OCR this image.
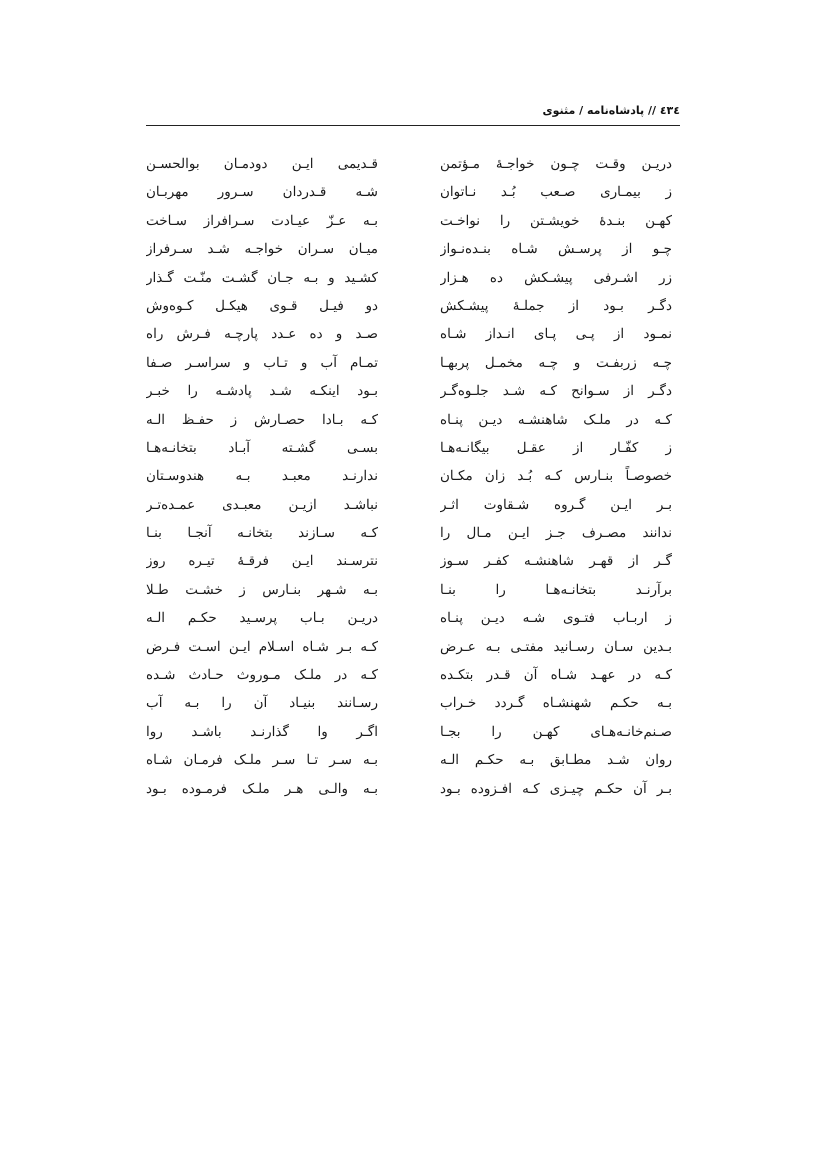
٤٣٤ // پادشاه‌نامه / مثنوی
دریـن وقـت چـون خواجـهٔ مـؤتمن
ز بیمـاری صـعب بُـد نـاتوان
کهـن بنـدهٔ خویشـتن را نواخـت
چـو از پرسـش شـاه بنـده‌نـواز
زر اشـرفی پیشـکش ده هـزار
دگـر بـود از جملـهٔ پیشـکش
نمـود از پـی پـای انـداز شـاه
چـه زربفـت و چـه مخمـل پربهـا
دگـر از سـوانح کـه شـد جلـوه‌گـر
کـه در ملـک شاهنشـه دیـن پنـاه
ز کفّـار از عقـل بیگانـه‌هـا
خصوصـاً بنـارس کـه بُـد زان مکـان
بـر ایـن گـروه شـقاوت اثـر
ندانند مصـرف جـز ایـن مـال را
گـر از قهـر شاهنشـه کفـر سـوز
برآرنـد بتخانـه‌هـا را بنـا
ز اربـاب فتـوی شـه دیـن پنـاه
بـدین سـان رسـانید مفتـی بـه عـرض
کـه در عهـد شـاه آن قـدر بتکـده
بـه حکـم شهنشـاه گـردد خـراب
صـنم‌خانـه‌هـای کهـن را بجـا
روان شـد مطـابق بـه حکـم الـه
بـر آن حکـم چیـزی کـه افـزوده بـود
قـدیمی ایـن دودمـان بوالحسـن
شـه قـدردان سـرور مهربـان
بـه عـزّ عیـادت سـرافراز سـاخت
میـان سـران خواجـه شـد سـرفراز
کشـید و بـه جـان گشـت منّـت گـذار
دو فیـل قـوی هیکـل کـوه‌وش
صـد و ده عـدد پارچـه فـرش راه
تمـام آب و تـاب و سراسـر صـفا
بـود اینکـه شـد پادشـه را خبـر
کـه بـادا حصـارش ز حفـظ الـه
بسـی گشـته آبـاد بتخانـه‌هـا
ندارنـد معبـد بـه هندوسـتان
نباشـد ازیـن معبـدی عمـده‌تـر
کـه سـازند بتخانـه آنجـا بنـا
نترسـند ایـن فرقـهٔ تیـره روز
بـه شـهر بنـارس ز خشـت طـلا
دریـن بـاب پرسـید حکـم الـه
کـه بـر شـاه اسـلام ایـن اسـت فـرض
کـه در ملـک مـوروث حـادث شـده
رسـانند بنیـاد آن را بـه آب
اگـر وا گذارنـد باشـد روا
بـه سـر تـا سـر ملـک فرمـان شـاه
بـه والـی هـر ملـک فرمـوده بـود
